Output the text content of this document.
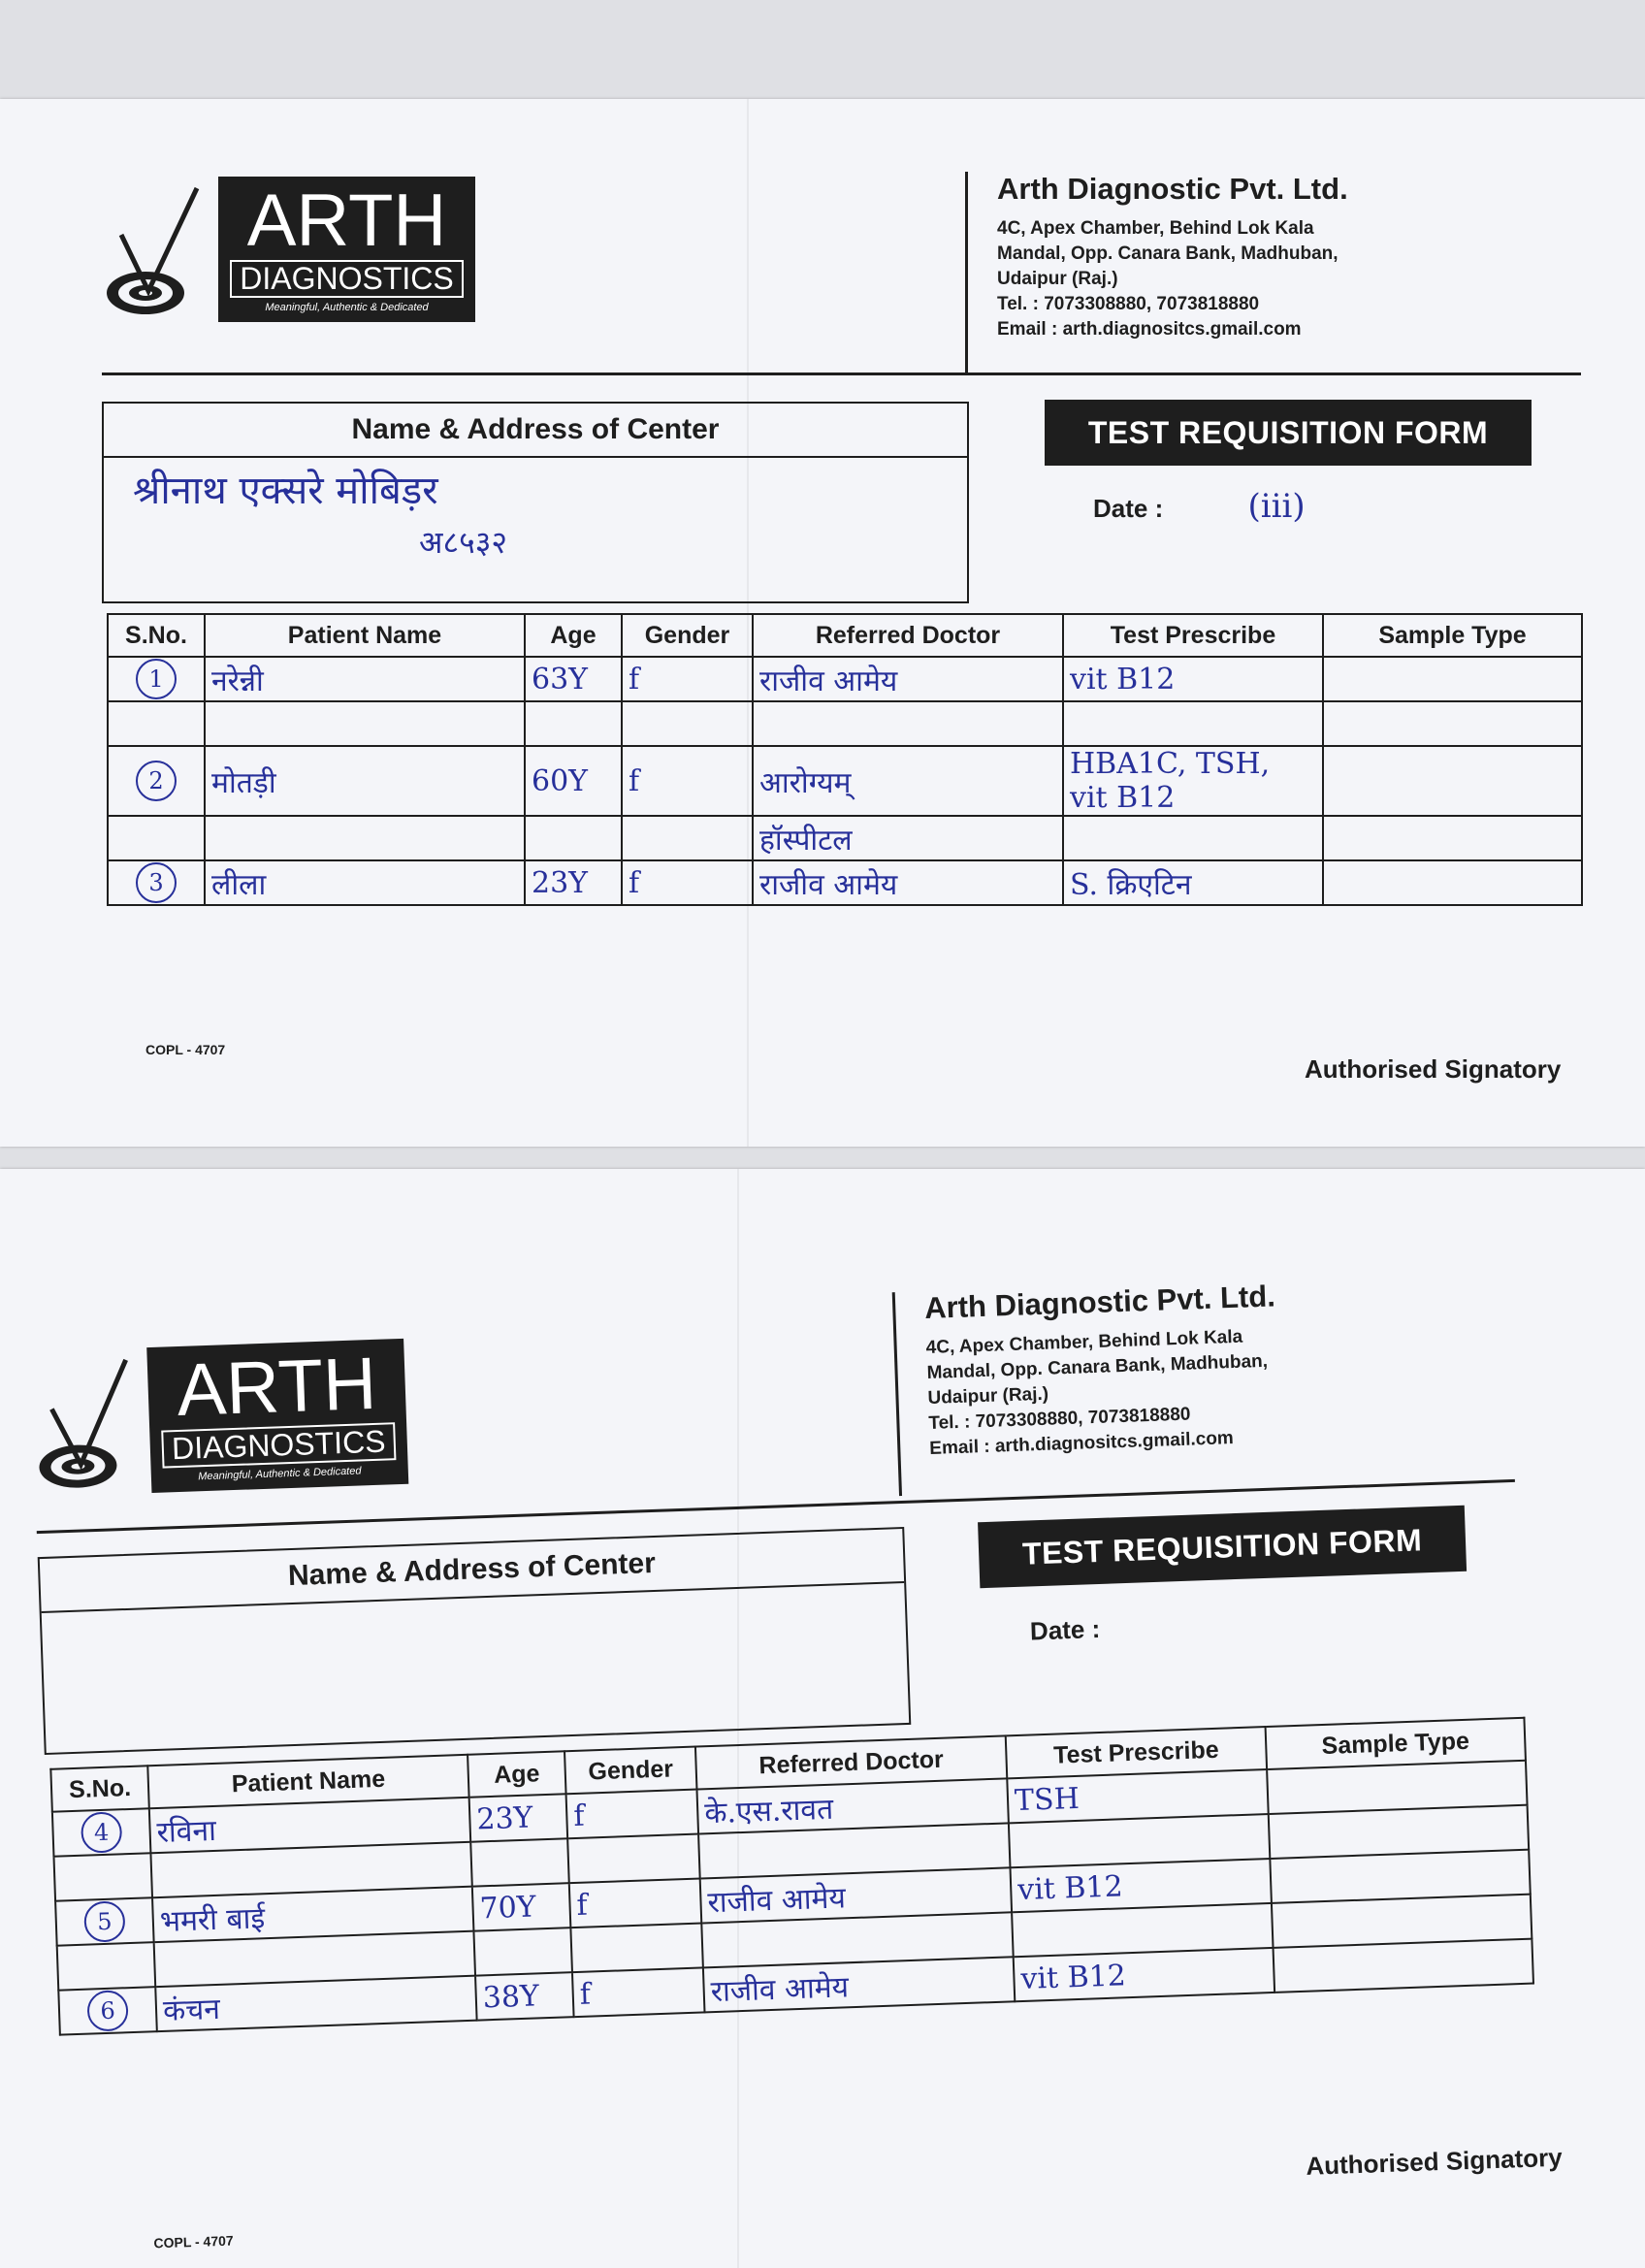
ARTH
DIAGNOSTICS
Meaningful, Authentic & Dedicated
Arth Diagnostic Pvt. Ltd.

4C, Apex Chamber, Behind Lok Kala

Mandal, Opp. Canara Bank, Madhuban,

Udaipur (Raj.)

Tel. : 7073308880, 7073818880

Email : arth.diagnositcs.gmail.com

Name & Address of Center
श्रीनाथ एक्सरे मोबिड़र
अ८५३२
TEST REQUISITION FORM
Date :	(iii)
S.No.	Patient Name	Age	Gender	Referred Doctor	Test Prescribe	Sample Type
1	नरेन्नी	63Y	f	राजीव आमेय	vit B12	

2	मोतड़ी	60Y	f	आरोग्यम्	HBA1C, TSH, vit B12	
				हॉस्पीटल		
3	लीला	23Y	f	राजीव आमेय	S. क्रिएटिन	
COPL - 4707
Authorised Signatory
ARTH
DIAGNOSTICS
Meaningful, Authentic & Dedicated
Arth Diagnostic Pvt. Ltd.

4C, Apex Chamber, Behind Lok Kala

Mandal, Opp. Canara Bank, Madhuban,

Udaipur (Raj.)

Tel. : 7073308880, 7073818880

Email : arth.diagnositcs.gmail.com

Name & Address of Center	TEST REQUISITION FORM
Date :
S.No.	Patient Name	Age	Gender	Referred Doctor	Test Prescribe	Sample Type
4	रविना	23Y	f	के.एस.रावत	TSH	

5	भमरी बाई	70Y	f	राजीव आमेय	vit B12	

6	कंचन	38Y	f	राजीव आमेय	vit B12	
COPL - 4707
Authorised Signatory
